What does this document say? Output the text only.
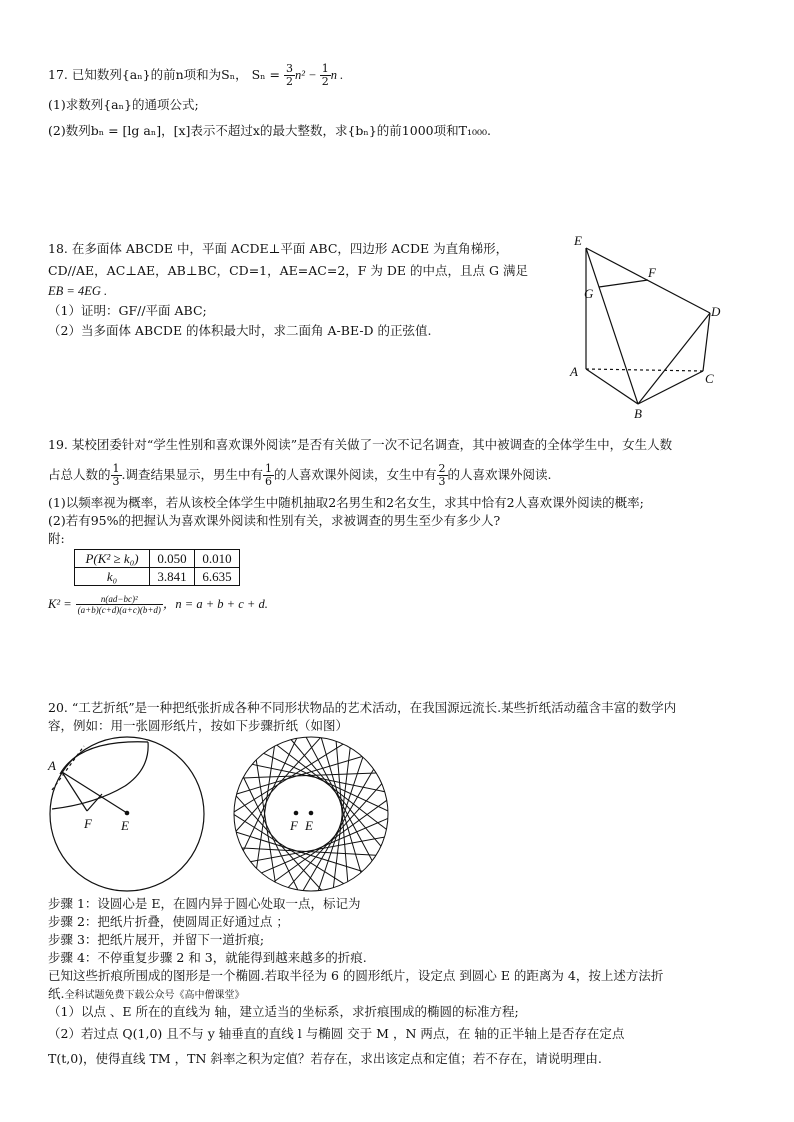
17. 已知数列{aₙ}的前n项和为Sₙ， $S_n = \frac{3}{2} n^2 - \frac{1}{2}$ n .
(1)求数列{aₙ}的通项公式;
(2)数列bₙ = [lg aₙ]，[x]表示不超过x的最大整数，求{bₙ}的前1000项和T₁₀₀₀.
18. 在多面体 ABCDE 中，平面 ACDE⊥平面 ABC，四边形 ACDE 为直角梯形，
CD//AE，AC⊥AE，AB⊥BC，CD=1，AE=AC=2，F 为 DE 的中点，且点 G 满足
EB = 4EG .
（1）证明：GF//平面 ABC;
（2）当多面体 ABCDE 的体积最大时，求二面角 A-BE-D 的正弦值.
E
F
G
D
A	C
B
19. 某校团委针对“学生性别和喜欢课外阅读”是否有关做了一次不记名调查，其中被调查的全体学生中，女生人数
占总人数的 $\frac{1}{3}$ .调查结果显示，男生中有 $\frac{1}{6}$ 的人喜欢课外阅读，女生中有 $\frac{2}{3}$ 的人喜欢课外阅读.
(1)以频率视为概率，若从该校全体学生中随机抽取2名男生和2名女生，求其中恰有2人喜欢课外阅读的概率;
(2)若有95%的把握认为喜欢课外阅读和性别有关，求被调查的男生至少有多少人?
附:
P(K² ≥ k₀)	0.050	0.010
k₀	3.841	6.635
$K^2 = \frac{\text{n(ad−bc)²}}{(a+b)(c+d)(a+c)(b+d)}$ ，n = a + b + c + d.
20. “工艺折纸”是一种把纸张折成各种不同形状物品的艺术活动，在我国源远流长.某些折纸活动蕴含丰富的数学内
容，例如：用一张圆形纸片，按如下步骤折纸（如图）
A
F E	F E
步骤 1：设圆心是 E，在圆内异于圆心处取一点，标记为
步骤 2：把纸片折叠，使圆周正好通过点 ；
步骤 3：把纸片展开，并留下一道折痕;
步骤 4：不停重复步骤 2 和 3，就能得到越来越多的折痕.
已知这些折痕所围成的图形是一个椭圆.若取半径为 6 的圆形纸片，设定点 到圆心 E 的距离为 4，按上述方法折
纸.全科试题免费下载公众号《高中僧课堂》
（1）以点 、E 所在的直线为 轴，建立适当的坐标系，求折痕围成的椭圆的标准方程;
（2）若过点 Q(1,0) 且不与 y 轴垂直的直线 l 与椭圆 交于 M ，N 两点，在 轴的正半轴上是否存在定点
T(t,0)，使得直线 TM ，TN 斜率之积为定值？若存在，求出该定点和定值；若不存在，请说明理由.
